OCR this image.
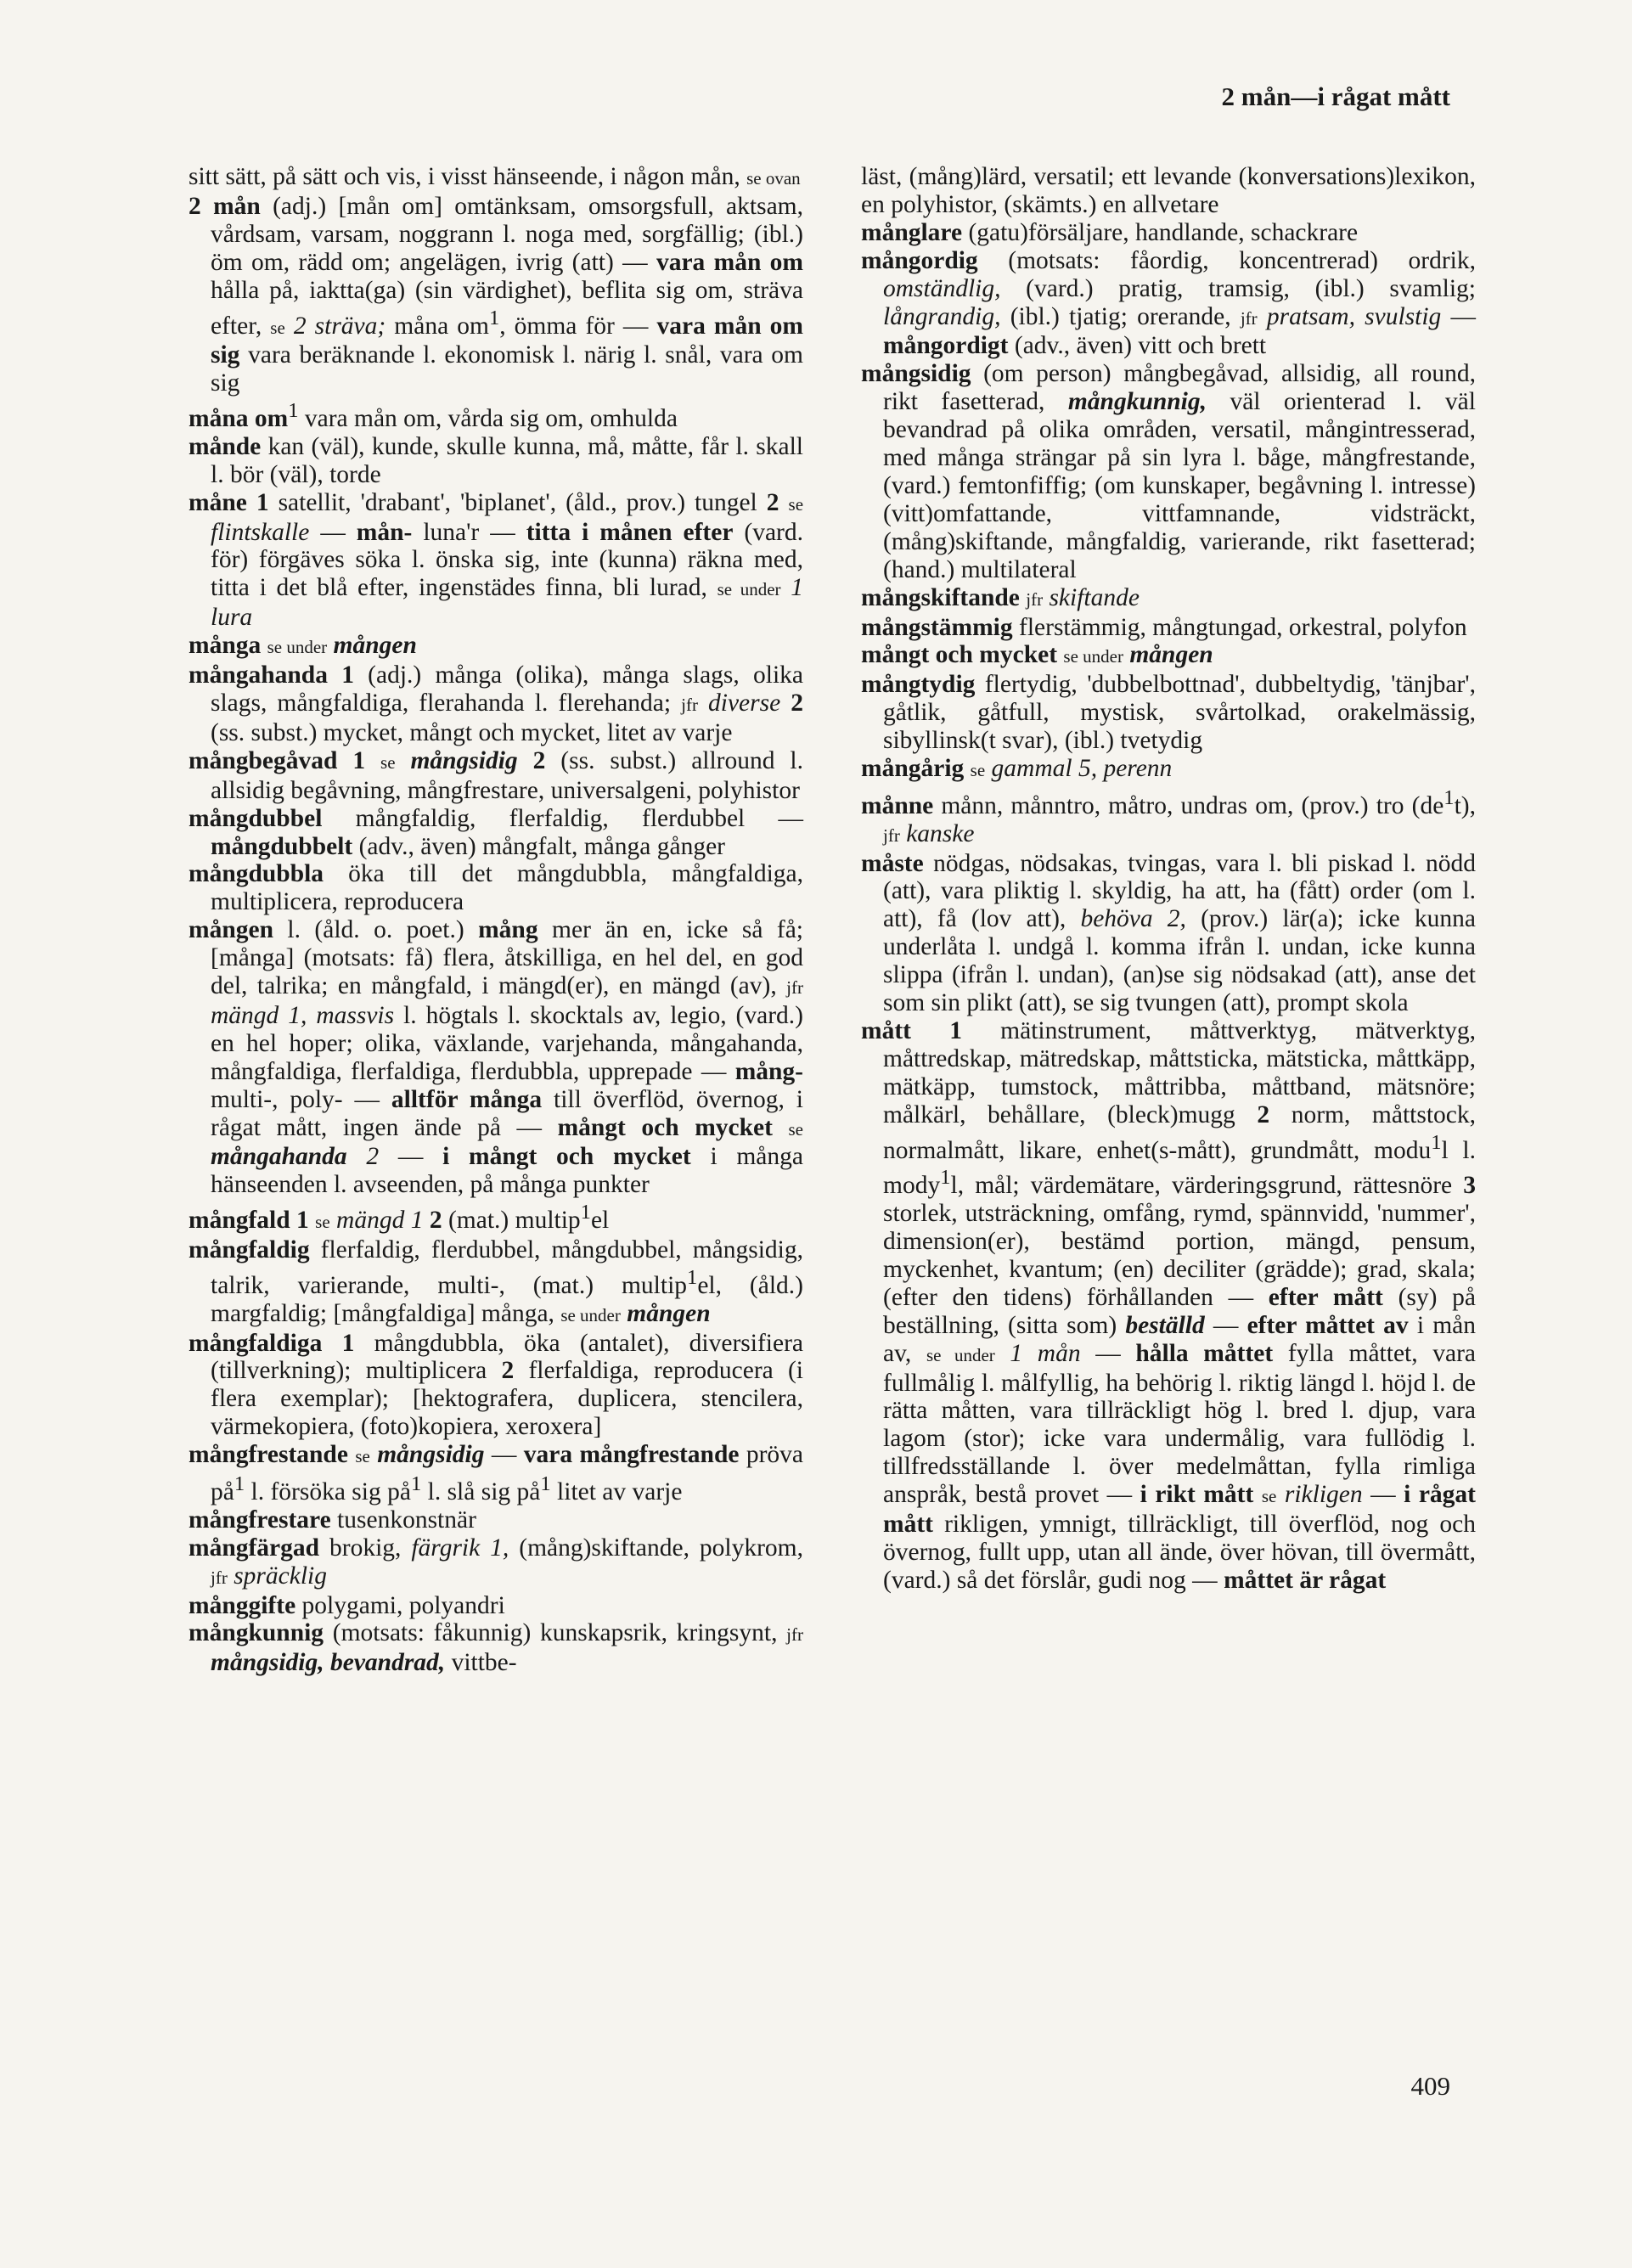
2 mån—i rågat mått

sitt sätt, på sätt och vis, i visst hänseende, i någon mån, se ovan

2 mån (adj.) [mån om] omtänksam, omsorgsfull, aktsam, vårdsam, varsam, noggrann l. noga med, sorgfällig; (ibl.) öm om, rädd om; angelägen, ivrig (att) — vara mån om hålla på, iaktta(ga) (sin värdighet), beflita sig om, sträva efter, se 2 sträva; måna $om^1$, ömma för — vara mån om sig vara beräknande l. ekonomisk l. närig l. snål, vara om sig

måna $om^1$ vara mån om, vårda sig om, omhulda

månde kan (väl), kunde, skulle kunna, må, måtte, får l. skall l. bör (väl), torde

måne 1 satellit, 'drabant', 'biplanet', (åld., prov.) tungel 2 se flintskalle — mån- luna'r — titta i månen efter (vard. för) förgäves söka l. önska sig, inte (kunna) räkna med, titta i det blå efter, ingenstädes finna, bli lurad, se under 1 lura

många se under mången

mångahanda 1 (adj.) många (olika), många slags, olika slags, mångfaldiga, flerahanda l. flerehanda; jfr diverse 2 (ss. subst.) mycket, mångt och mycket, litet av varje

mångbegåvad 1 se mångsidig 2 (ss. subst.) allround l. allsidig begåvning, mångfrestare, universalgeni, polyhistor

mångdubbel mångfaldig, flerfaldig, flerdubbel — mångdubbelt (adv., även) mångfalt, många gånger

mångdubbla öka till det mångdubbla, mångfaldiga, multiplicera, reproducera

mången l. (åld. o. poet.) mång mer än en, icke så få; [många] (motsats: få) flera, åtskilliga, en hel del, en god del, talrika; en mångfald, i mängd(er), en mängd (av), jfr mängd 1, massvis l. högtals l. skocktals av, legio, (vard.) en hel hoper; olika, växlande, varjehanda, mångahanda, mångfaldiga, flerfaldiga, flerdubbla, upprepade — mång- multi-, poly- — alltför många till överflöd, övernog, i rågat mått, ingen ände på — mångt och mycket se mångahanda 2 — i mångt och mycket i många hänseenden l. avseenden, på många punkter

mångfald 1 se mängd 1 2 (mat.) multip$^1$el

mångfaldig flerfaldig, flerdubbel, mångdubbel, mångsidig, talrik, varierande, multi-, (mat.) multip$^1$el, (åld.) margfaldig; [mångfaldiga] många, se under mången

mångfaldiga 1 mångdubbla, öka (antalet), diversifiera (tillverkning); multiplicera 2 flerfaldiga, reproducera (i flera exemplar); [hektografera, duplicera, stencilera, värmekopiera, (foto)kopiera, xeroxera]

mångfrestande se mångsidig — vara mångfrestande pröva $på^1$ l. försöka sig $på^1$ l. slå sig $på^1$ litet av varje

mångfrestare tusenkonstnär

mångfärgad brokig, färgrik 1, (mång)skiftande, polykrom, jfr spräcklig

månggifte polygami, polyandri

mångkunnig (motsats: fåkunnig) kunskapsrik, kringsynt, jfr mångsidig, bevandrad, vittbe-

läst, (mång)lärd, versatil; ett levande (konversations)lexikon, en polyhistor, (skämts.) en allvetare

månglare (gatu)försäljare, handlande, schackrare

mångordig (motsats: fåordig, koncentrerad) ordrik, omständlig, (vard.) pratig, tramsig, (ibl.) svamlig; långrandig, (ibl.) tjatig; orerande, jfr pratsam, svulstig — mångordigt (adv., även) vitt och brett

mångsidig (om person) mångbegåvad, allsidig, all round, rikt fasetterad, mångkunnig, väl orienterad l. väl bevandrad på olika områden, versatil, mångintresserad, med många strängar på sin lyra l. båge, mångfrestande, (vard.) femtonfiffig; (om kunskaper, begåvning l. intresse) (vitt)omfattande, vittfamnande, vidsträckt, (mång)skiftande, mångfaldig, varierande, rikt fasetterad; (hand.) multilateral

mångskiftande jfr skiftande

mångstämmig flerstämmig, mångtungad, orkestral, polyfon

mångt och mycket se under mången

mångtydig flertydig, 'dubbelbottnad', dubbeltydig, 'tänjbar', gåtlik, gåtfull, mystisk, svårtolkad, orakelmässig, sibyllinsk(t svar), (ibl.) tvetydig

mångårig se gammal 5, perenn

månne månn, månntro, måtro, undras om, (prov.) tro $(de^1t)$, jfr kanske

måste nödgas, nödsakas, tvingas, vara l. bli piskad l. nödd (att), vara pliktig l. skyldig, ha att, ha (fått) order (om l. att), få (lov att), behöva 2, (prov.) lär(a); icke kunna underlåta l. undgå l. komma ifrån l. undan, icke kunna slippa (ifrån l. undan), (an)se sig nödsakad (att), anse det som sin plikt (att), se sig tvungen (att), prompt skola

mått 1 mätinstrument, måttverktyg, mätverktyg, måttredskap, mätredskap, måttsticka, mätsticka, måttkäpp, mätkäpp, tumstock, måttribba, måttband, mätsnöre; målkärl, behållare, (bleck)mugg 2 norm, måttstock, normalmått, likare, enhet(s-mått), grundmått, modu$^1$l l. mody$^1$l, mål; värdemätare, värderingsgrund, rättesnöre 3 storlek, utsträckning, omfång, rymd, spännvidd, 'nummer', dimension(er), bestämd portion, mängd, pensum, myckenhet, kvantum; (en) deciliter (grädde); grad, skala; (efter den tidens) förhållanden — efter mått (sy) på beställning, (sitta som) beställd — efter måttet av i mån av, se under 1 mån — hålla måttet fylla måttet, vara fullmålig l. målfyllig, ha behörig l. riktig längd l. höjd l. de rätta måtten, vara tillräckligt hög l. bred l. djup, vara lagom (stor); icke vara undermålig, vara fullödig l. tillfredsställande l. över medelmåttan, fylla rimliga anspråk, bestå provet — i rikt mått se rikligen — i rågat mått rikligen, ymnigt, tillräckligt, till överflöd, nog och övernog, fullt upp, utan all ände, över hövan, till övermått, (vard.) så det förslår, gudi nog — måttet är rågat

409
